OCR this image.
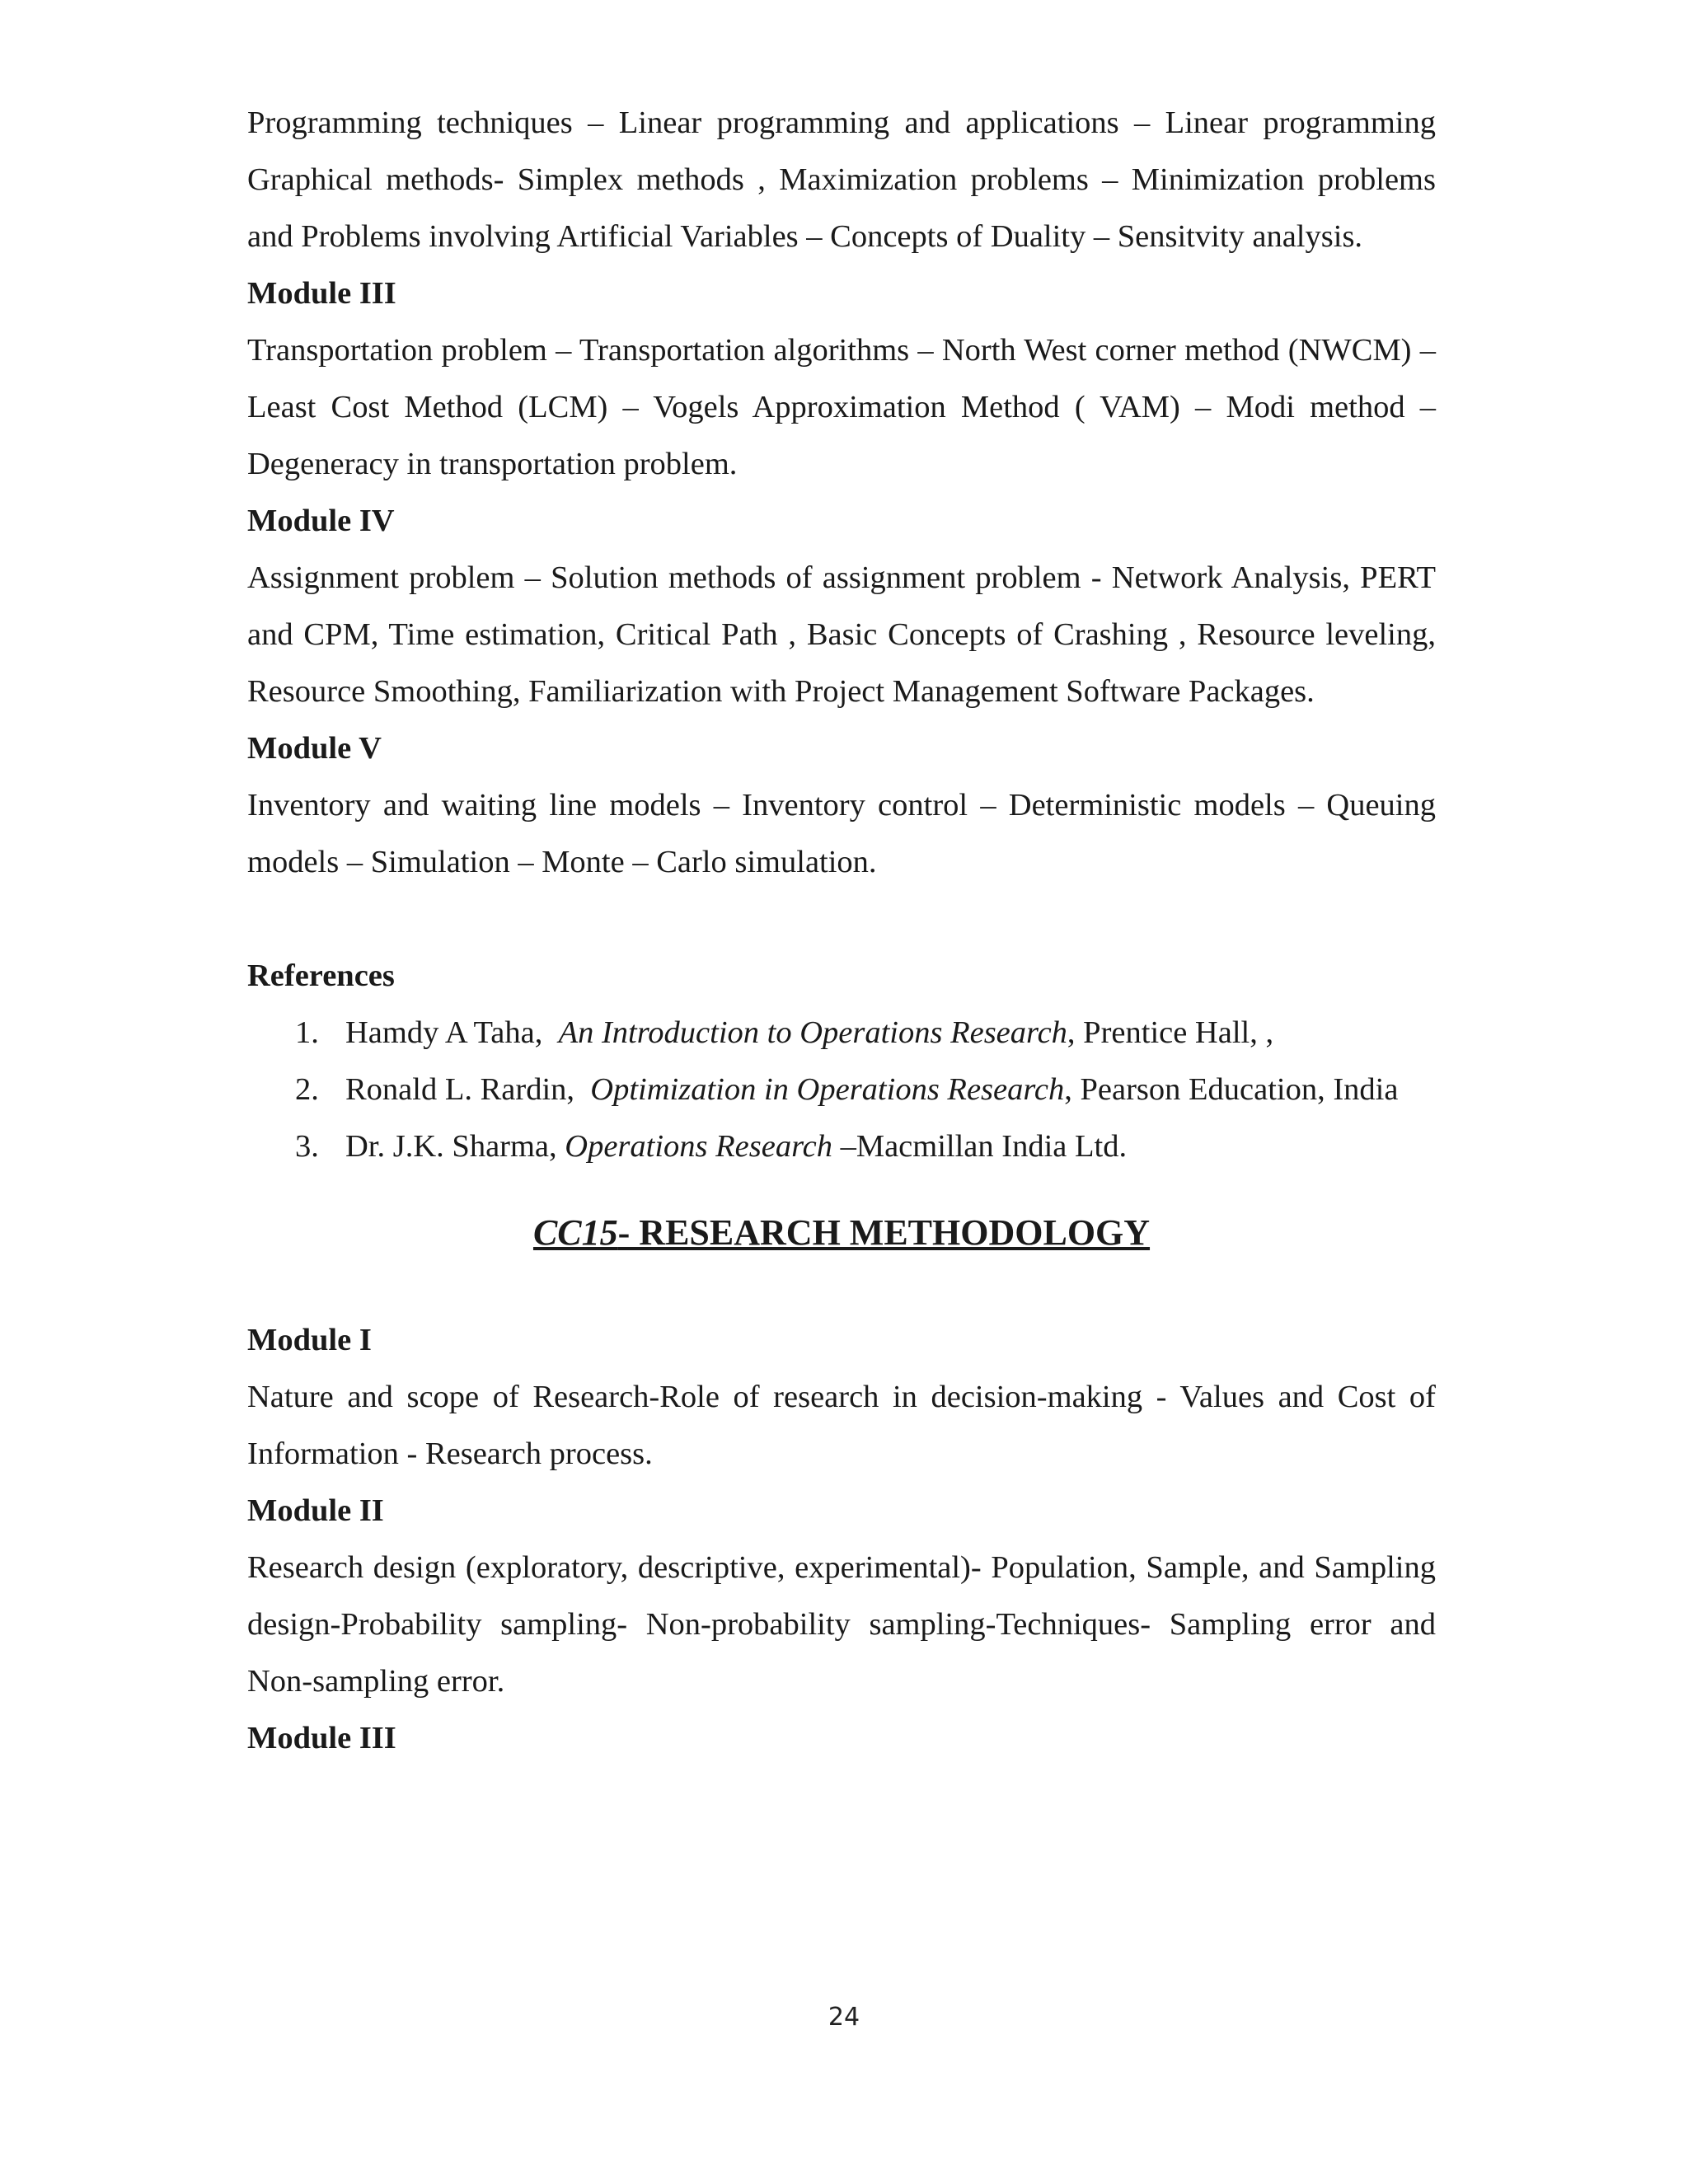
Programming techniques – Linear programming and applications – Linear programming Graphical methods- Simplex methods , Maximization problems – Minimization problems and Problems involving Artificial Variables – Concepts of Duality – Sensitvity analysis.

Module III

Transportation problem – Transportation algorithms – North West corner method (NWCM) – Least Cost Method (LCM) – Vogels Approximation Method ( VAM) – Modi method – Degeneracy in transportation problem.

Module IV

Assignment problem – Solution methods of assignment problem - Network Analysis, PERT and CPM, Time estimation, Critical Path , Basic Concepts of Crashing , Resource leveling, Resource Smoothing, Familiarization with Project Management Software Packages.

Module V

Inventory and waiting line models – Inventory control – Deterministic models – Queuing models – Simulation – Monte – Carlo simulation.

References
1. Hamdy A Taha, An Introduction to Operations Research, Prentice Hall, ,
2. Ronald L. Rardin, Optimization in Operations Research, Pearson Education, India
3. Dr. J.K. Sharma, Operations Research –Macmillan India Ltd.
CC15- RESEARCH METHODOLOGY
Module I

Nature and scope of Research-Role of research in decision-making - Values and Cost of Information - Research process.

Module II

Research design (exploratory, descriptive, experimental)- Population, Sample, and Sampling design-Probability sampling- Non-probability sampling-Techniques- Sampling error and Non-sampling error.

Module III
24
